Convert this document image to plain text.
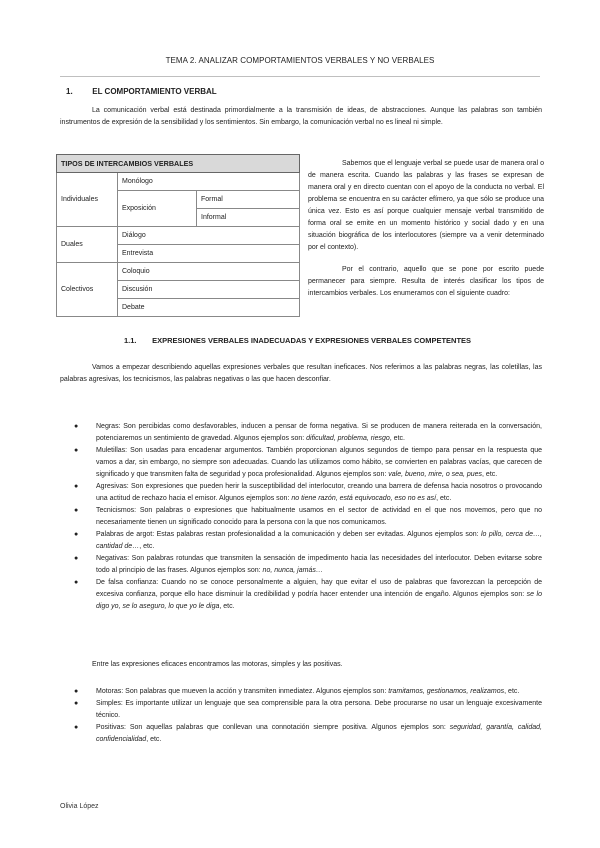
TEMA 2. ANALIZAR COMPORTAMIENTOS VERBALES Y NO VERBALES
1. EL COMPORTAMIENTO VERBAL
La comunicación verbal está destinada primordialmente a la transmisión de ideas, de abstracciones. Aunque las palabras son también instrumentos de expresión de la sensibilidad y los sentimientos. Sin embargo, la comunicación verbal no es lineal ni simple.
TIPOS DE INTERCAMBIOS VERBALES		
Individuales	Monólogo	
	Exposición	Formal
		Informal
Duales	Diálogo	
	Entrevista	
Colectivos	Coloquio	
	Discusión	
	Debate	

Sabemos que el lenguaje verbal se puede usar de manera oral o de manera escrita. Cuando las palabras y las frases se expresan de manera oral y en directo cuentan con el apoyo de la conducta no verbal. El problema se encuentra en su carácter efímero, ya que sólo se produce una única vez. Esto es así porque cualquier mensaje verbal transmitido de forma oral se emite en un momento histórico y social dado y en una situación biográfica de los interlocutores (siempre va a venir determinado por el contexto).

Por el contrario, aquello que se pone por escrito puede permanecer para siempre. Resulta de interés clasificar los tipos de intercambios verbales. Los enumeramos con el siguiente cuadro:

1.1. EXPRESIONES VERBALES INADECUADAS Y EXPRESIONES VERBALES COMPETENTES
Vamos a empezar describiendo aquellas expresiones verbales que resultan ineficaces. Nos referimos a las palabras negras, las coletillas, las palabras agresivas, los tecnicismos, las palabras negativas o las que hacen desconfiar.
●	Negras: Son percibidas como desfavorables, inducen a pensar de forma negativa. Si se producen de manera reiterada en la conversación, potenciaremos un sentimiento de gravedad. Algunos ejemplos son: dificultad, problema, riesgo, etc.
●	Muletillas: Son usadas para encadenar argumentos. También proporcionan algunos segundos de tiempo para pensar en la respuesta que vamos a dar, sin embargo, no siempre son adecuadas. Cuando las utilizamos como hábito, se convierten en palabras vacías, que carecen de significado y que transmiten falta de seguridad y poca profesionalidad. Algunos ejemplos son: vale, bueno, mire, o sea, pues, etc.
●	Agresivas: Son expresiones que pueden herir la susceptibilidad del interlocutor, creando una barrera de defensa hacia nosotros o provocando una actitud de rechazo hacia el emisor. Algunos ejemplos son: no tiene razón, está equivocado, eso no es así, etc.
●	Tecnicismos: Son palabras o expresiones que habitualmente usamos en el sector de actividad en el que nos movemos, pero que no necesariamente tienen un significado conocido para la persona con la que nos comunicamos.
●	Palabras de argot: Estas palabras restan profesionalidad a la comunicación y deben ser evitadas. Algunos ejemplos son: lo pillo, cerca de…, cantidad de…, etc.
●	Negativas: Son palabras rotundas que transmiten la sensación de impedimento hacia las necesidades del interlocutor. Deben evitarse sobre todo al principio de las frases. Algunos ejemplos son: no, nunca, jamás…
●	De falsa confianza: Cuando no se conoce personalmente a alguien, hay que evitar el uso de palabras que favorezcan la percepción de excesiva confianza, porque ello hace disminuir la credibilidad y podría hacer entender una intención de engaño. Algunos ejemplos son: se lo digo yo, se lo aseguro, lo que yo le diga, etc.
Entre las expresiones eficaces encontramos las motoras, simples y las positivas.
●	Motoras: Son palabras que mueven la acción y transmiten inmediatez. Algunos ejemplos son: tramitamos, gestionamos, realizamos, etc.
●	Simples: Es importante utilizar un lenguaje que sea comprensible para la otra persona. Debe procurarse no usar un lenguaje excesivamente técnico.
●	Positivas: Son aquellas palabras que conllevan una connotación siempre positiva. Algunos ejemplos son: seguridad, garantía, calidad, confidencialidad, etc.
Olivia López
